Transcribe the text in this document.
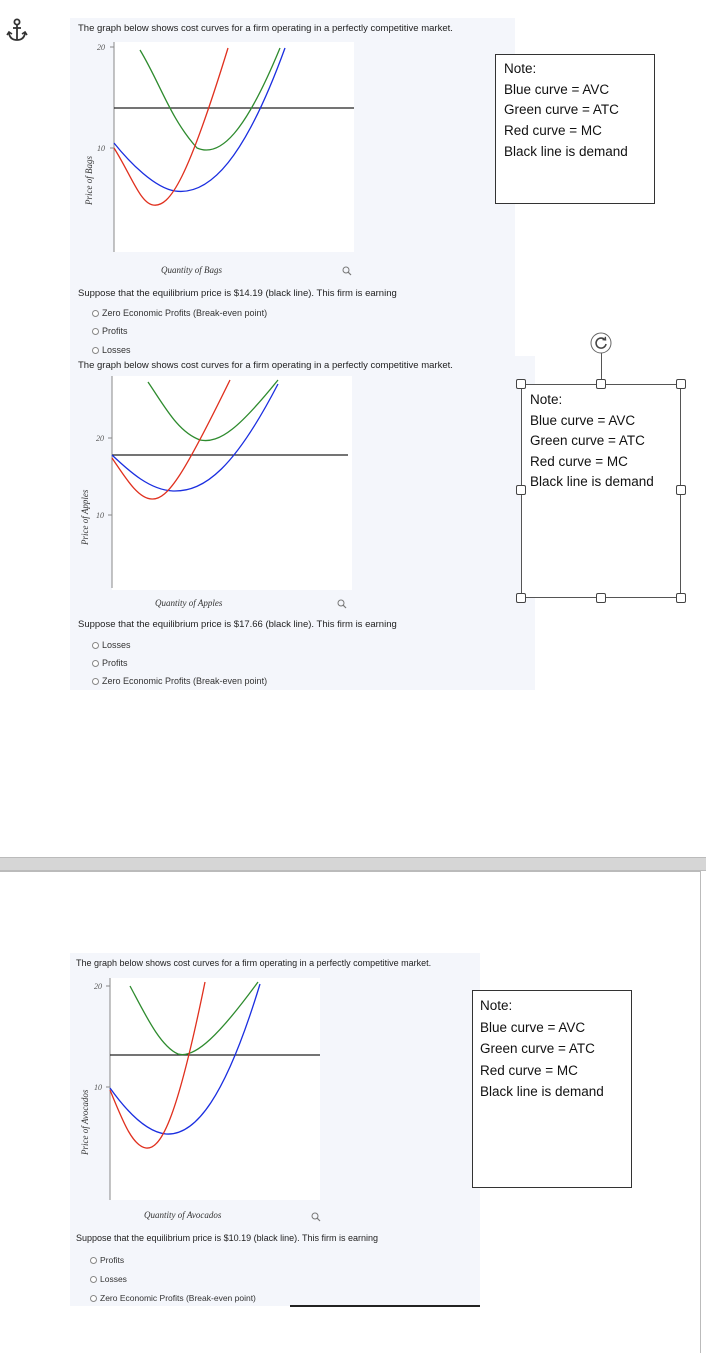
The graph below shows cost curves for a firm operating in a perfectly competitive market.
20
10
Price of Bags
Quantity of Bags
Suppose that the equilibrium price is $14.19 (black line). This firm is earning
Zero Economic Profits (Break-even point)
Profits
Losses
Note:
Blue curve = AVC
Green curve = ATC
Red curve = MC
Black line is demand
The graph below shows cost curves for a firm operating in a perfectly competitive market.
20
10
Price of Apples
Quantity of Apples
Suppose that the equilibrium price is $17.66 (black line). This firm is earning
Losses
Profits
Zero Economic Profits (Break-even point)
Note:
Blue curve = AVC
Green curve = ATC
Red curve = MC
Black line is demand
The graph below shows cost curves for a firm operating in a perfectly competitive market.
20
10
Price of Avocados
Quantity of Avocados
Suppose that the equilibrium price is $10.19 (black line). This firm is earning
Profits
Losses
Zero Economic Profits (Break-even point)
Note:
Blue curve = AVC
Green curve = ATC
Red curve = MC
Black line is demand
